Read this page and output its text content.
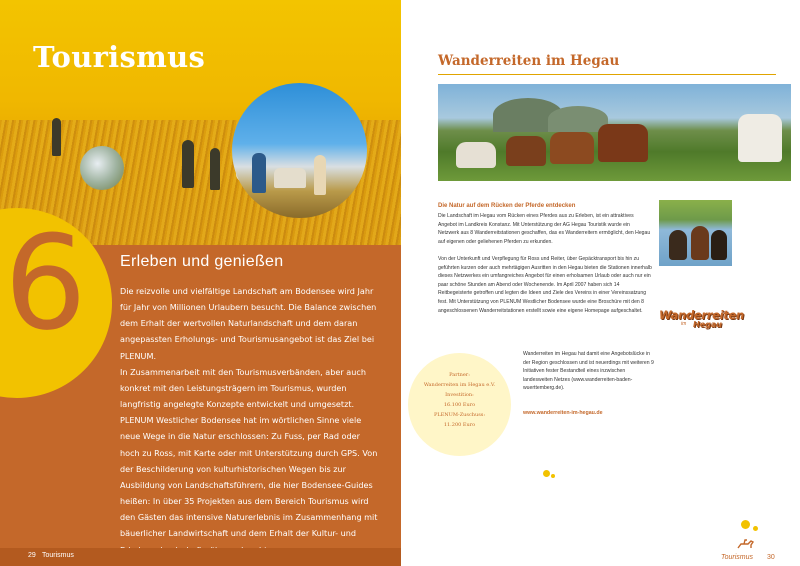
Tourismus
6 Erleben und genießen

Die reizvolle und vielfältige Landschaft am Bodensee wird Jahr für Jahr von Millionen Urlaubern besucht. Die Balance zwischen dem Erhalt der wertvollen Naturlandschaft und dem daran angepassten Erholungs- und Tourismusangebot ist das Ziel bei PLENUM.

In Zusammenarbeit mit den Tourismusverbänden, aber auch konkret mit den Leistungsträgern im Tourismus, wurden langfristig angelegte Konzepte entwickelt und umgesetzt. PLENUM Westlicher Bodensee hat im wörtlichen Sinne viele neue Wege in die Natur erschlossen: Zu Fuss, per Rad oder hoch zu Ross, mit Karte oder mit Unterstützung durch GPS. Von der Beschilderung von kulturhistorischen Wegen bis zur Ausbildung von Landschaftsführern, die hier Bodensee-Guides heißen: In über 35 Projekten aus dem Bereich Tourismus wird den Gästen das intensive Naturerlebnis im Zusammenhang mit bäuerlicher Landwirtschaft und dem Erhalt der Kultur- und

29 Tourismus
Wanderreiten im Hegau
Die Natur auf dem Rücken der Pferde entdecken

Die Landschaft im Hegau vom Rücken eines Pferdes aus zu Erleben, ist ein attraktives Angebot im Landkreis Konstanz. Mit Unterstützung der AG Hegau Touristik wurde ein Netzwerk aus 8 Wanderreitstationen geschaffen, das es Wanderreitern ermöglicht, den Hegau auf eigenen oder geliehenen Pferden zu erkunden.

Von der Unterkunft und Verpflegung für Ross und Reiter, über Gepäcktransport bis hin zu geführten kurzen oder auch mehrtägigen Ausritten in den Hegau bieten die Stationen innerhalb dieses Netzwerkes ein umfangreiches Angebot für einen erholsamen Urlaub oder auch nur ein paar schöne Stunden am Abend oder Wochenende. Im April 2007 haben sich 14 Reitbegeisterte getroffen und legten die Ideen und Ziele des Vereins in einer Vereinssatzung fest. Mit Unterstützung von PLENUM Westlicher Bodensee wurde eine Broschüre mit den 8 angeschlossenen Wanderreitstationen erstellt sowie eine eigene Homepage aufgeschaltet.

Partner:
Wanderreiten im Hegau e.V.
Investition:
16.100 Euro
PLENUM-Zuschuss:
11.200 Euro

Wanderreiten im Hegau hat damit eine Angebotslücke in der Region geschlossen und ist neuerdings mit weiteren 9 Initiativen fester Bestandteil eines inzwischen landesweiten Netzes (www.wanderreiten-baden-wuerttemberg.de).

www.wanderreiten-im-hegau.de
Wanderreiten
im Hegau
Tourismus 30
